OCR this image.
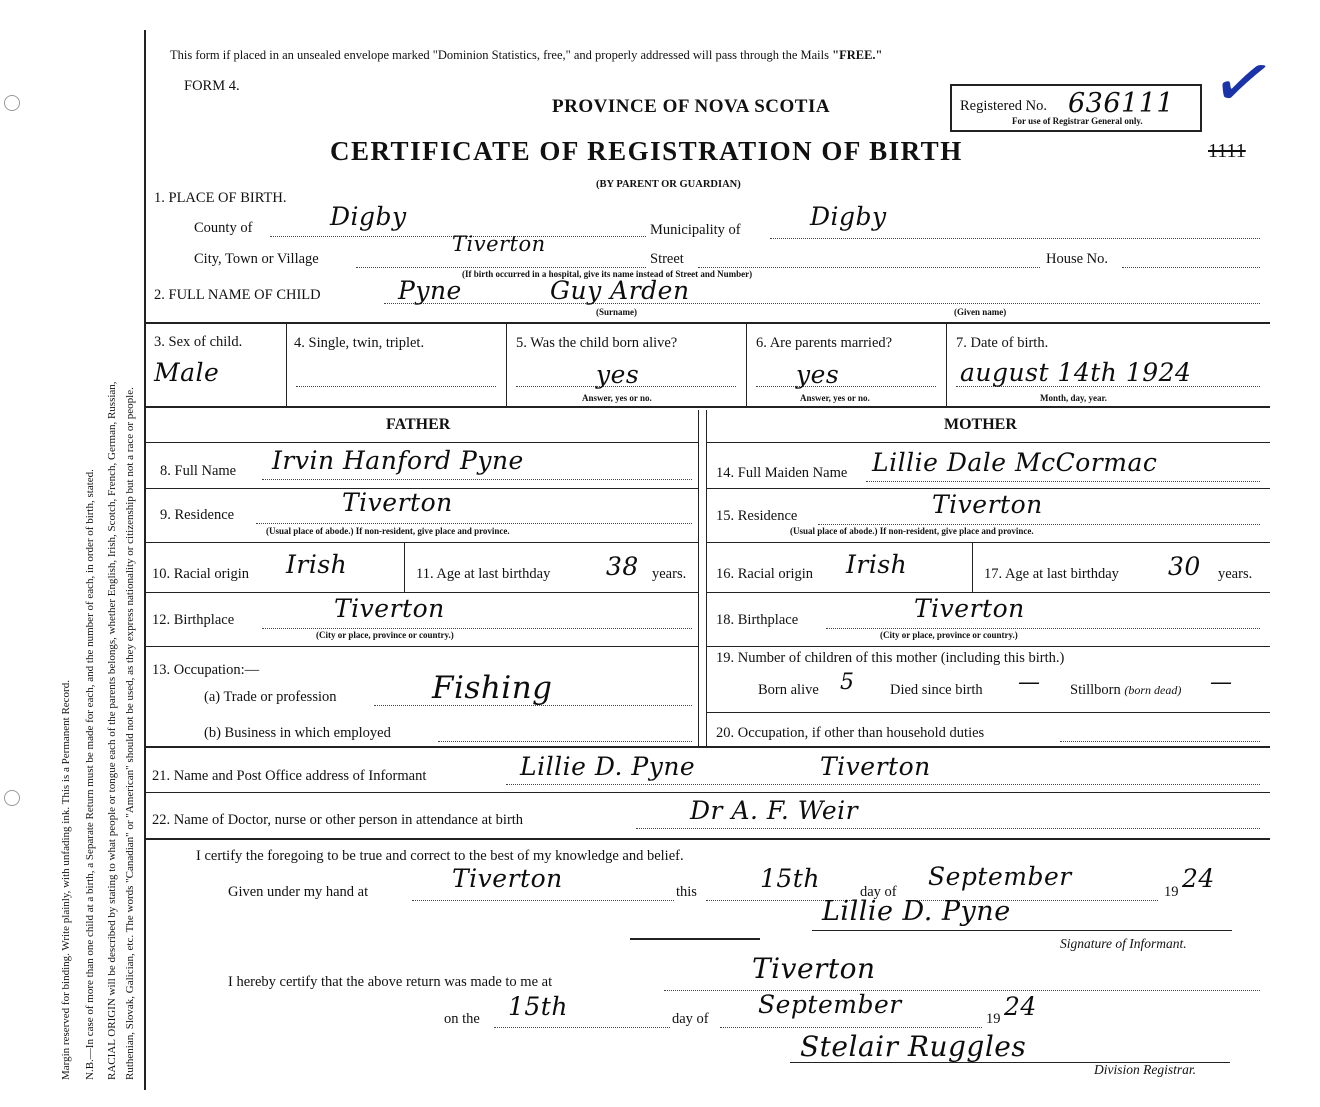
Margin reserved for binding. Write plainly, with unfading ink. This is a Permanent Record. N.B.—In case of more than one child at a birth, a Separate Return must be made for each, and the number of each, in order of birth, stated. RACIAL ORIGIN will be described by stating to what people or tongue each of the parents belongs, whether English, Irish, Scotch, French, German, Russian, Ruthenian, Slovak, Galician, etc. The words "Canadian" or "American" should not be used, as they express nationality or citizenship but not a race or people.
This form if placed in an unsealed envelope marked "Dominion Statistics, free," and properly addressed will pass through the Mails "FREE."
FORM 4.
PROVINCE OF NOVA SCOTIA
CERTIFICATE OF REGISTRATION OF BIRTH
(BY PARENT OR GUARDIAN)
Registered No. 636111
For use of Registrar General only.
1111
✓
1. PLACE OF BIRTH.
County of	Digby	Municipality of	Digby
City, Town or Village
Tiverton
Street	House No.
(If birth occurred in a hospital, give its name instead of Street and Number)
2. FULL NAME OF CHILD	Pyne	Guy Arden
(Surname)	(Given name)
3. Sex of child.
Male
4. Single, twin, triplet.	5. Was the child born alive?
yes
Answer, yes or no.
6. Are parents married?
yes
Answer, yes or no.
7. Date of birth.
august 14th 1924
Month, day, year.
FATHER	MOTHER
8. Full Name Irvin Hanford Pyne
9. Residence	Tiverton
(Usual place of abode.) If non-resident, give place and province.
10. Racial origin Irish	11. Age at last birthday 38 years.
12. Birthplace	Tiverton
(City or place, province or country.)
13. Occupation:—
(a) Trade or profession	Fishing
(b) Business in which employed
14. Full Maiden Name Lillie Dale McCormac
15. Residence	Tiverton
(Usual place of abode.) If non-resident, give place and province.
16. Racial origin Irish	17. Age at last birthday 30 years.
18. Birthplace	Tiverton
(City or place, province or country.)
19. Number of children of this mother (including this birth.)
Born alive 5 Died since birth — Stillborn (born dead) —
20. Occupation, if other than household duties
21. Name and Post Office address of Informant	Lillie D. Pyne	Tiverton
22. Name of Doctor, nurse or other person in attendance at birth	Dr A. F. Weir
I certify the foregoing to be true and correct to the best of my knowledge and belief.
Given under my hand at	Tiverton	this	15th	day of
September
19 24
Lillie D. Pyne
Signature of Informant.
I hereby certify that the above return was made to me at	Tiverton
on the 15th	day of September	19 24
Stelair Ruggles
Division Registrar.
